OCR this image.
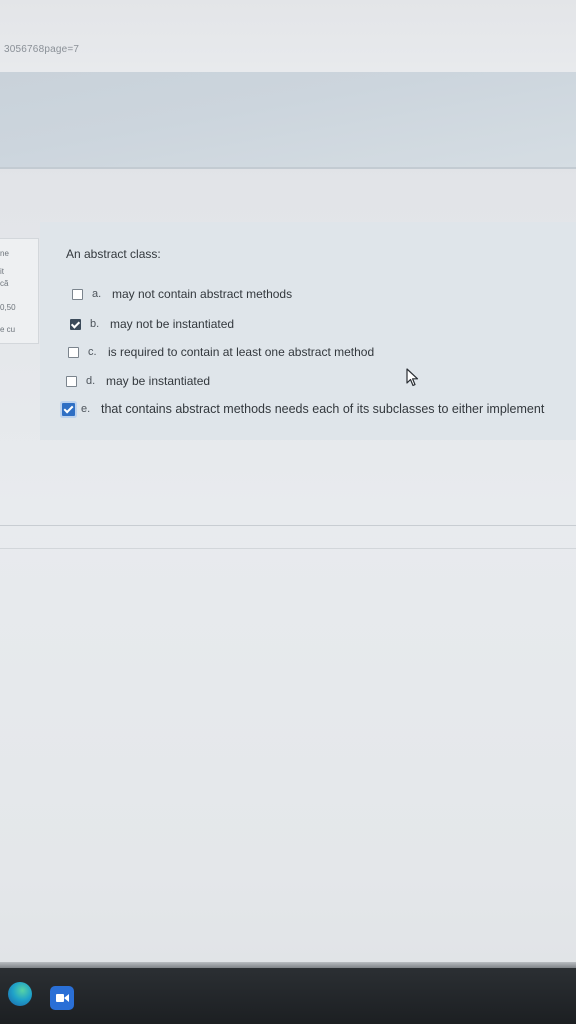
3056768page=7
ne
it
cã
0,50
e cu
An abstract class:
a. may not contain abstract methods
b. may not be instantiated
c. is required to contain at least one abstract method
d. may be instantiated
e. that contains abstract methods needs each of its subclasses to either implement
